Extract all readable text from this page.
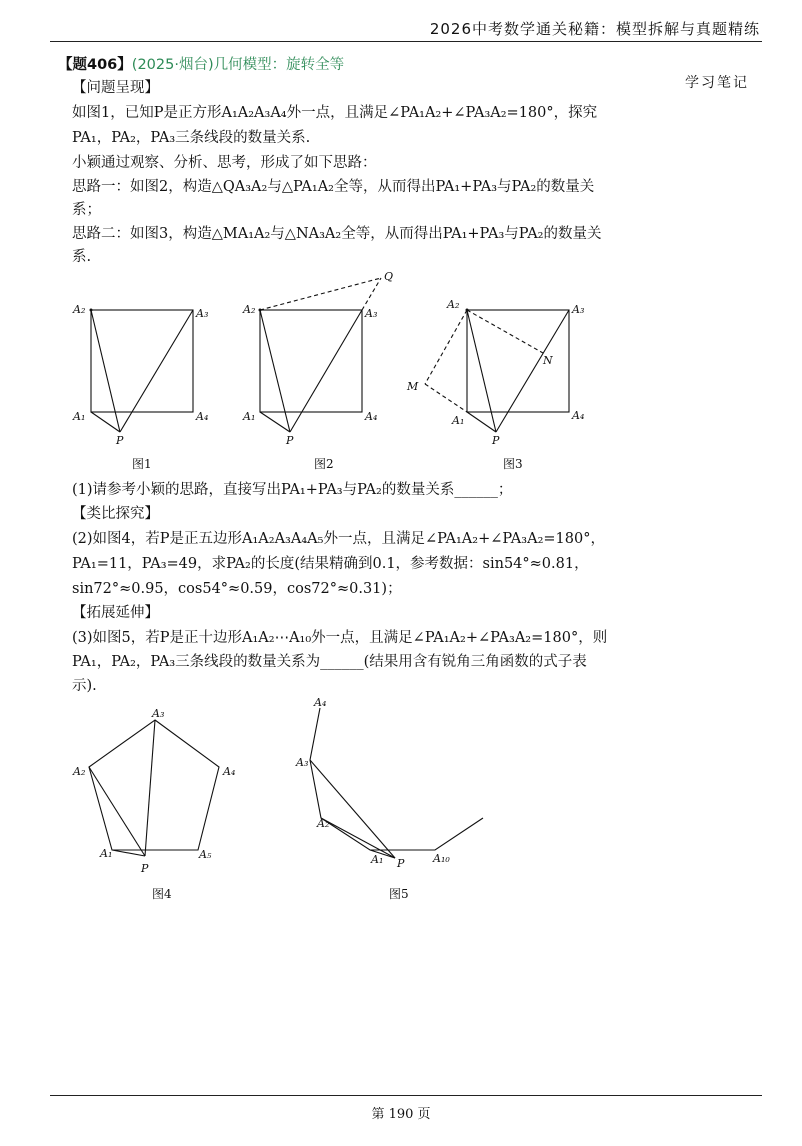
2026中考数学通关秘籍：模型拆解与真题精练
学习笔记
【题406】(2025·烟台)几何模型：旋转全等
【问题呈现】
如图1，已知P是正方形A₁A₂A₃A₄外一点，且满足∠PA₁A₂+∠PA₃A₂=180°，探究
PA₁，PA₂，PA₃三条线段的数量关系.
小颖通过观察、分析、思考，形成了如下思路：
思路一：如图2，构造△QA₃A₂与△PA₁A₂全等，从而得出PA₁+PA₃与PA₂的数量关
系；
思路二：如图3，构造△MA₁A₂与△NA₃A₂全等，从而得出PA₁+PA₃与PA₂的数量关
系.
A₂	A₃
A₁	A₄
P
图1
A₂	A₃
A₁	A₄
P
Q
图2
A₂	A₃
A₁	A₄
P
M
N
图3
A₃
A₂	A₄
A₁	A₅
P
图4
A₄
A₃
A₂
A₁ P	A₁₀
图5
(1)请参考小颖的思路，直接写出PA₁+PA₃与PA₂的数量关系______；
【类比探究】
(2)如图4，若P是正五边形A₁A₂A₃A₄A₅外一点，且满足∠PA₁A₂+∠PA₃A₂=180°，
PA₁=11，PA₃=49，求PA₂的长度(结果精确到0.1，参考数据：sin54°≈0.81，
sin72°≈0.95，cos54°≈0.59，cos72°≈0.31)；
【拓展延伸】
(3)如图5，若P是正十边形A₁A₂⋯A₁₀外一点，且满足∠PA₁A₂+∠PA₃A₂=180°，则
PA₁，PA₂，PA₃三条线段的数量关系为______(结果用含有锐角三角函数的式子表
示).
第 190 页
